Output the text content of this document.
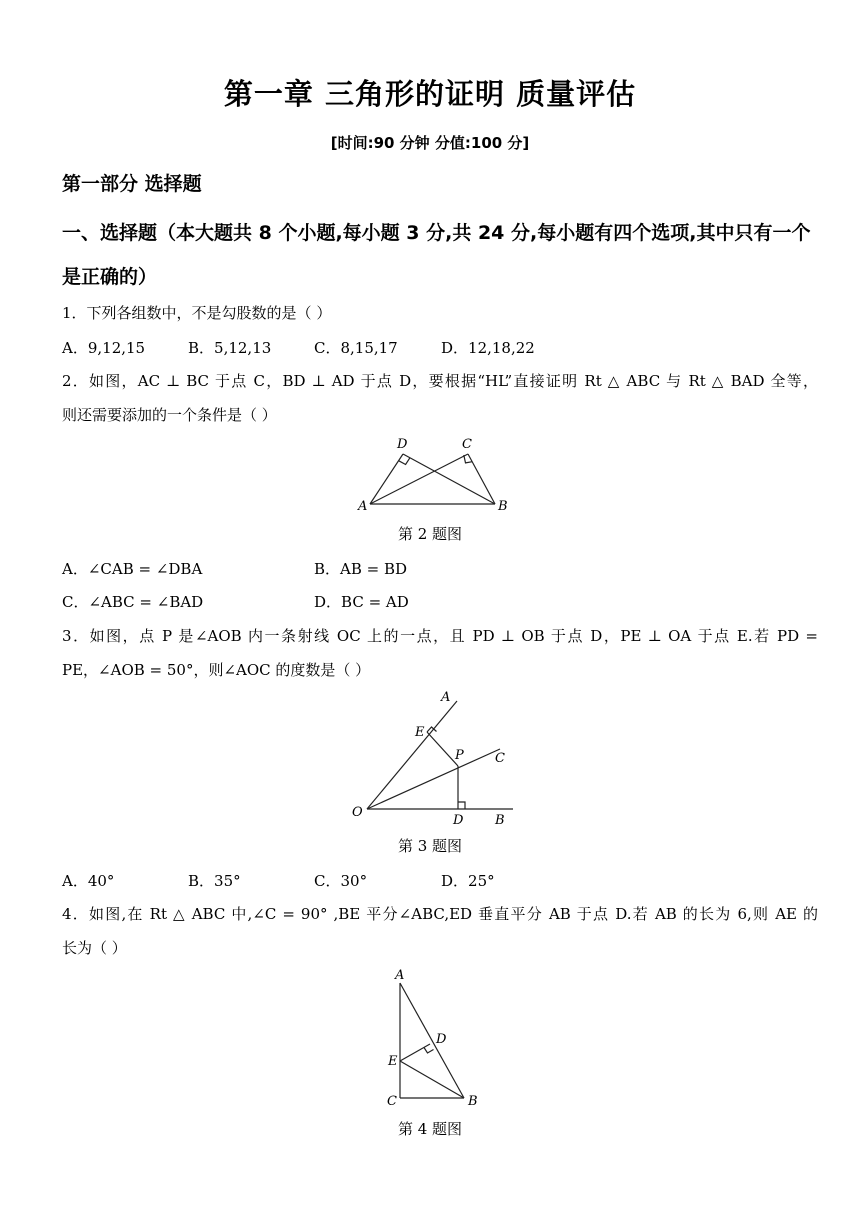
第一章 三角形的证明 质量评估
[时间:90 分钟 分值:100 分]
第一部分 选择题
一、选择题（本大题共 8 个小题,每小题 3 分,共 24 分,每小题有四个选项,其中只有一个是正确的）
1．下列各组数中，不是勾股数的是（ ）
A．9,12,15	B．5,12,13	C．8,15,17	D．12,18,22
2．如图，AC ⊥ BC 于点 C，BD ⊥ AD 于点 D，要根据“HL”直接证明 Rt △ ABC 与 Rt △ BAD 全等，
则还需要添加的一个条件是（ ）
D	C
A	B
第 2 题图
A．∠CAB = ∠DBA	B．AB = BD
C．∠ABC = ∠BAD	D．BC = AD
3．如图，点 P 是∠AOB 内一条射线 OC 上的一点，且 PD ⊥ OB 于点 D，PE ⊥ OA 于点 E.若 PD =
PE，∠AOB = 50°，则∠AOC 的度数是（ ）
A
E
P C
O
D B
第 3 题图
A．40°	B．35°	C．30°	D．25°
4．如图,在 Rt △ ABC 中,∠C = 90° ,BE 平分∠ABC,ED 垂直平分 AB 于点 D.若 AB 的长为 6,则 AE 的
长为（ ）
A
D
E
C	B
第 4 题图
